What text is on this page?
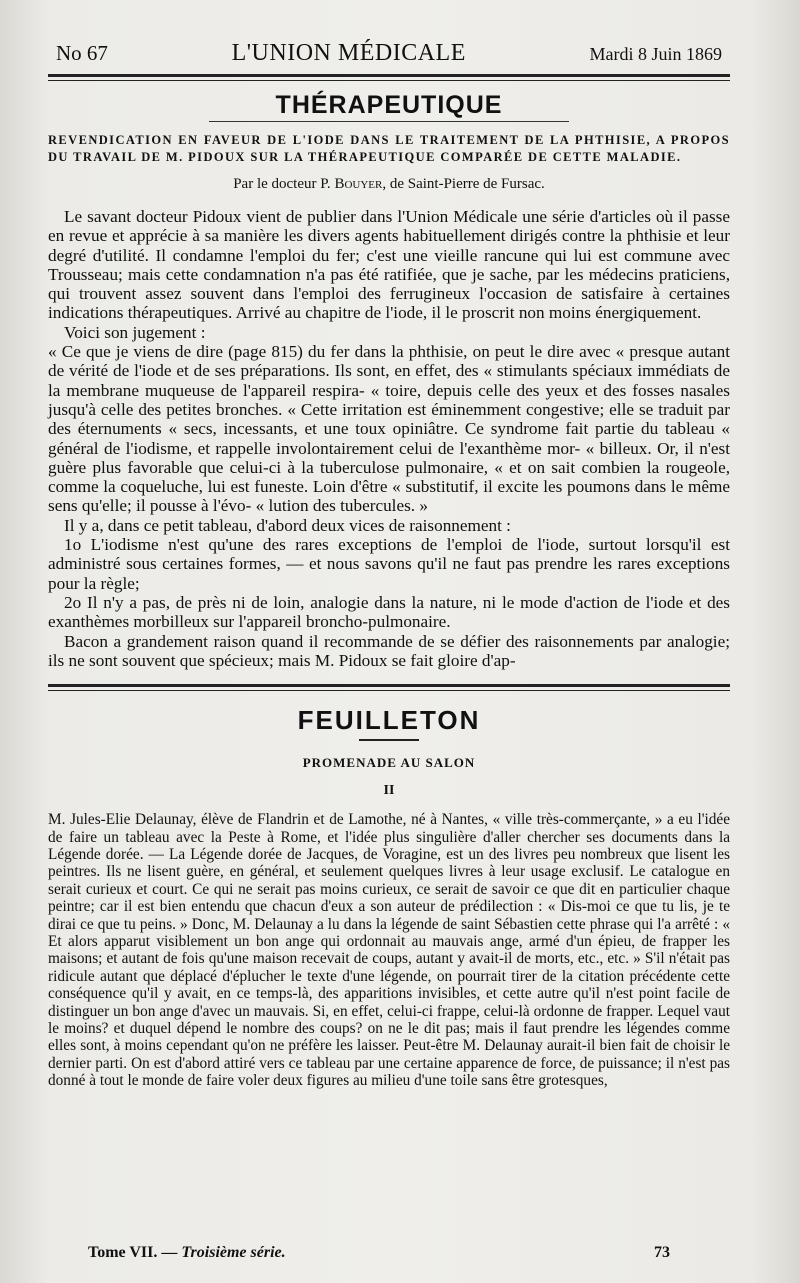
No 67	L'UNION MÉDICALE	Mardi 8 Juin 1869
THÉRAPEUTIQUE
REVENDICATION EN FAVEUR DE L'IODE DANS LE TRAITEMENT DE LA PHTHISIE, A PROPOS DU TRAVAIL DE M. PIDOUX SUR LA THÉRAPEUTIQUE COMPARÉE DE CETTE MALADIE.
Par le docteur P. Bouyer, de Saint-Pierre de Fursac.

Le savant docteur Pidoux vient de publier dans l'Union Médicale une série d'articles où il passe en revue et apprécie à sa manière les divers agents habituellement dirigés contre la phthisie et leur degré d'utilité. Il condamne l'emploi du fer; c'est une vieille rancune qui lui est commune avec Trousseau; mais cette condamnation n'a pas été ratifiée, que je sache, par les médecins praticiens, qui trouvent assez souvent dans l'emploi des ferrugineux l'occasion de satisfaire à certaines indications thérapeutiques. Arrivé au chapitre de l'iode, il le proscrit non moins énergiquement.

Voici son jugement :

« Ce que je viens de dire (page 815) du fer dans la phthisie, on peut le dire avec « presque autant de vérité de l'iode et de ses préparations. Ils sont, en effet, des « stimulants spéciaux immédiats de la membrane muqueuse de l'appareil respira- « toire, depuis celle des yeux et des fosses nasales jusqu'à celle des petites bronches. « Cette irritation est éminemment congestive; elle se traduit par des éternuments « secs, incessants, et une toux opiniâtre. Ce syndrome fait partie du tableau « général de l'iodisme, et rappelle involontairement celui de l'exanthème mor- « billeux. Or, il n'est guère plus favorable que celui-ci à la tuberculose pulmonaire, « et on sait combien la rougeole, comme la coqueluche, lui est funeste. Loin d'être « substitutif, il excite les poumons dans le même sens qu'elle; il pousse à l'évo- « lution des tubercules. »

Il y a, dans ce petit tableau, d'abord deux vices de raisonnement :

1o L'iodisme n'est qu'une des rares exceptions de l'emploi de l'iode, surtout lorsqu'il est administré sous certaines formes, — et nous savons qu'il ne faut pas prendre les rares exceptions pour la règle;

2o Il n'y a pas, de près ni de loin, analogie dans la nature, ni le mode d'action de l'iode et des exanthèmes morbilleux sur l'appareil broncho-pulmonaire.

Bacon a grandement raison quand il recommande de se défier des raisonnements par analogie; ils ne sont souvent que spécieux; mais M. Pidoux se fait gloire d'ap-

FEUILLETON
PROMENADE AU SALON
II

M. Jules-Elie Delaunay, élève de Flandrin et de Lamothe, né à Nantes, « ville très-commerçante, » a eu l'idée de faire un tableau avec la Peste à Rome, et l'idée plus singulière d'aller chercher ses documents dans la Légende dorée. — La Légende dorée de Jacques, de Voragine, est un des livres peu nombreux que lisent les peintres. Ils ne lisent guère, en général, et seulement quelques livres à leur usage exclusif. Le catalogue en serait curieux et court. Ce qui ne serait pas moins curieux, ce serait de savoir ce que dit en particulier chaque peintre; car il est bien entendu que chacun d'eux a son auteur de prédilection : « Dis-moi ce que tu lis, je te dirai ce que tu peins. » Donc, M. Delaunay a lu dans la légende de saint Sébastien cette phrase qui l'a arrêté : « Et alors apparut visiblement un bon ange qui ordonnait au mauvais ange, armé d'un épieu, de frapper les maisons; et autant de fois qu'une maison recevait de coups, autant y avait-il de morts, etc., etc. » S'il n'était pas ridicule autant que déplacé d'éplucher le texte d'une légende, on pourrait tirer de la citation précédente cette conséquence qu'il y avait, en ce temps-là, des apparitions invisibles, et cette autre qu'il n'est point facile de distinguer un bon ange d'avec un mauvais. Si, en effet, celui-ci frappe, celui-là ordonne de frapper. Lequel vaut le moins? et duquel dépend le nombre des coups? on ne le dit pas; mais il faut prendre les légendes comme elles sont, à moins cependant qu'on ne préfère les laisser. Peut-être M. Delaunay aurait-il bien fait de choisir le dernier parti. On est d'abord attiré vers ce tableau par une certaine apparence de force, de puissance; il n'est pas donné à tout le monde de faire voler deux figures au milieu d'une toile sans être grotesques,

Tome VII. — Troisième série.	73
